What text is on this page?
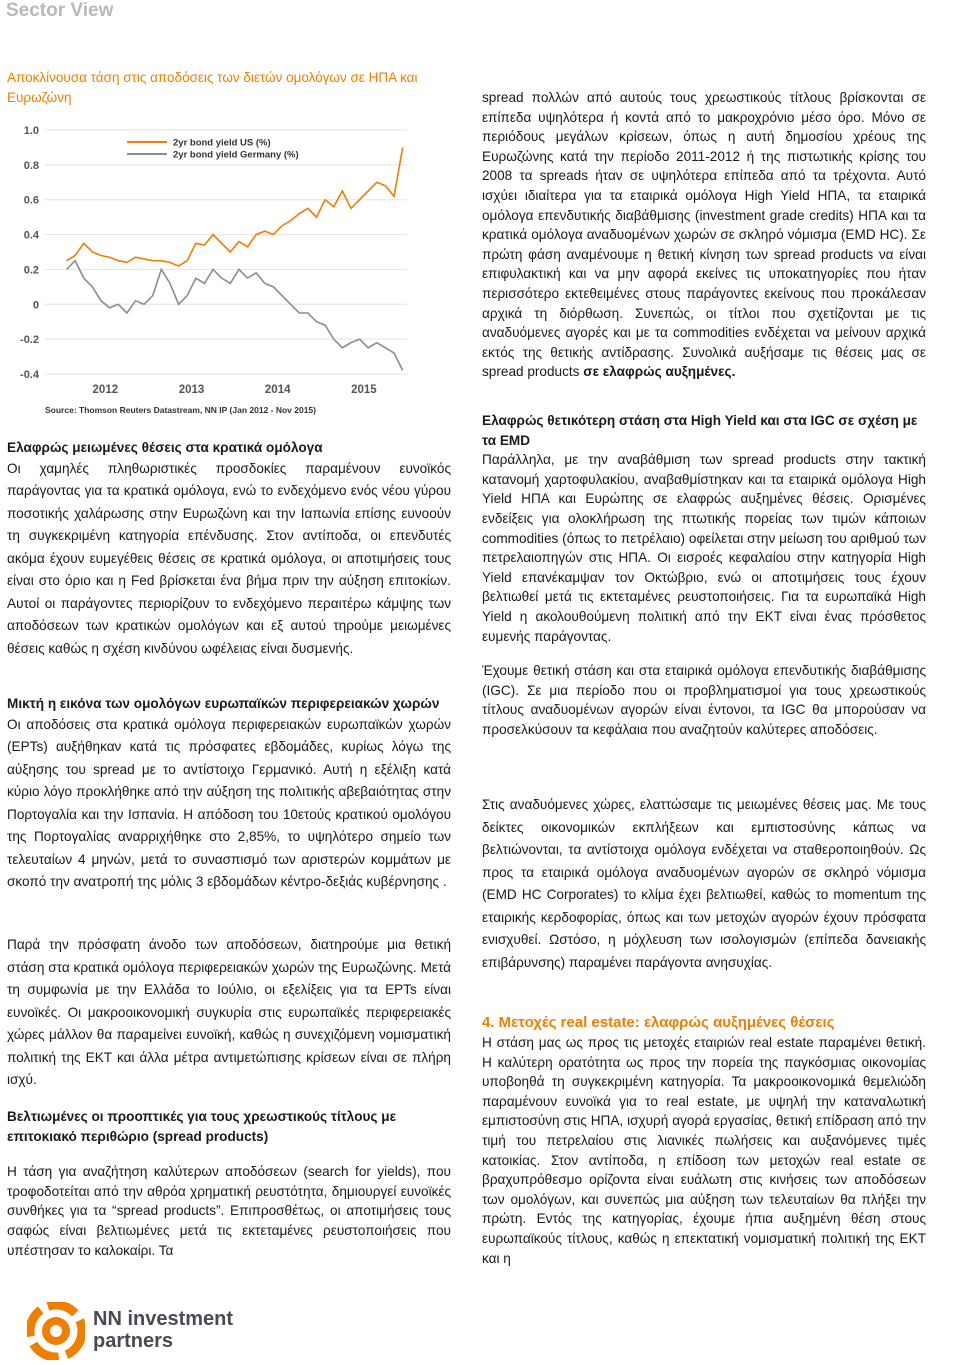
Sector View
Αποκλίνουσα τάση στις αποδόσεις των διετών ομολόγων σε ΗΠΑ και Ευρωζώνη
1.0
0.8
0.6
0.4
0.2
0
-0.2
-0.4
2012	2013	2014	2015
2yr bond yield US (%)
2yr bond yield Germany (%)
Source: Thomson Reuters Datastream, NN IP (Jan 2012 - Nov 2015)

Ελαφρώς μειωμένες θέσεις στα κρατικά ομόλογα

Οι χαμηλές πληθωριστικές προσδοκίες παραμένουν ευνοϊκός παράγοντας για τα κρατικά ομόλογα, ενώ το ενδεχόμενο ενός νέου γύρου ποσοτικής χαλάρωσης στην Ευρωζώνη και την Ιαπωνία επίσης ευνοούν τη συγκεκριμένη κατηγορία επένδυσης. Στον αντίποδα, οι επενδυτές ακόμα έχουν ευμεγέθεις θέσεις σε κρατικά ομόλογα, οι αποτιμήσεις τους είναι στο όριο και η Fed βρίσκεται ένα βήμα πριν την αύξηση επιτοκίων. Αυτοί οι παράγοντες περιορίζουν το ενδεχόμενο περαιτέρω κάμψης των αποδόσεων των κρατικών ομολόγων και εξ αυτού τηρούμε μειωμένες θέσεις καθώς η σχέση κινδύνου ωφέλειας είναι δυσμενής.

Μικτή η εικόνα των ομολόγων ευρωπαϊκών περιφερειακών χωρών

Οι αποδόσεις στα κρατικά ομόλογα περιφερειακών ευρωπαϊκών χωρών (EPTs) αυξήθηκαν κατά τις πρόσφατες εβδομάδες, κυρίως λόγω της αύξησης του spread με το αντίστοιχο Γερμανικό. Αυτή η εξέλιξη κατά κύριο λόγο προκλήθηκε από την αύξηση της πολιτικής αβεβαιότητας στην Πορτογαλία και την Ισπανία. Η απόδοση του 10ετούς κρατικού ομολόγου της Πορτογαλίας αναρριχήθηκε στο 2,85%, το υψηλότερο σημείο των τελευταίων 4 μηνών, μετά το συνασπισμό των αριστερών κομμάτων με σκοπό την ανατροπή της μόλις 3 εβδομάδων κέντρο-δεξιάς κυβέρνησης .

Παρά την πρόσφατη άνοδο των αποδόσεων, διατηρούμε μια θετική στάση στα κρατικά ομόλογα περιφερειακών χωρών της Ευρωζώνης. Μετά τη συμφωνία με την Ελλάδα το Ιούλιο, οι εξελίξεις για τα EPTs είναι ευνοϊκές. Οι μακροοικονομική συγκυρία στις ευρωπαϊκές περιφερειακές χώρες μάλλον θα παραμείνει ευνοϊκή, καθώς η συνεχιζόμενη νομισματική πολιτική της ΕΚΤ και άλλα μέτρα αντιμετώπισης κρίσεων είναι σε πλήρη ισχύ.

Βελτιωμένες οι προοπτικές για τους χρεωστικούς τίτλους με επιτοκιακό περιθώριο (spread products)

Η τάση για αναζήτηση καλύτερων αποδόσεων (search for yields), που τροφοδοτείται από την αθρόα χρηματική ρευστότητα, δημιουργεί ευνοϊκές συνθήκες για τα “spread products”. Επιπροσθέτως, οι αποτιμήσεις τους σαφώς είναι βελτιωμένες μετά τις εκτεταμένες ρευστοποιήσεις που υπέστησαν το καλοκαίρι. Τα

spread πολλών από αυτούς τους χρεωστικούς τίτλους βρίσκονται σε επίπεδα υψηλότερα ή κοντά από το μακροχρόνιο μέσο όρο. Μόνο σε περιόδους μεγάλων κρίσεων, όπως η αυτή δημοσίου χρέους της Ευρωζώνης κατά την περίοδο 2011-2012 ή της πιστωτικής κρίσης του 2008 τα spreads ήταν σε υψηλότερα επίπεδα από τα τρέχοντα. Αυτό ισχύει ιδιαίτερα για τα εταιρικά ομόλογα High Yield ΗΠΑ, τα εταιρικά ομόλογα επενδυτικής διαβάθμισης (investment grade credits) ΗΠΑ και τα κρατικά ομόλογα αναδυομένων χωρών σε σκληρό νόμισμα (EMD HC). Σε πρώτη φάση αναμένουμε η θετική κίνηση των spread products να είναι επιφυλακτική και να μην αφορά εκείνες τις υποκατηγορίες που ήταν περισσότερο εκτεθειμένες στους παράγοντες εκείνους που προκάλεσαν αρχικά τη διόρθωση. Συνεπώς, οι τίτλοι που σχετίζονται με τις αναδυόμενες αγορές και με τα commodities ενδέχεται να μείνουν αρχικά εκτός της θετικής αντίδρασης. Συνολικά αυξήσαμε τις θέσεις μας σε spread products σε ελαφρώς αυξημένες.

Ελαφρώς θετικότερη στάση στα High Yield και στα IGC σε σχέση με τα EMD

Παράλληλα, με την αναβάθμιση των spread products στην τακτική κατανομή χαρτοφυλακίου, αναβαθμίστηκαν και τα εταιρικά ομόλογα High Yield ΗΠΑ και Ευρώπης σε ελαφρώς αυξημένες θέσεις. Ορισμένες ενδείξεις για ολοκλήρωση της πτωτικής πορείας των τιμών κάποιων commodities (όπως το πετρέλαιο) οφείλεται στην μείωση του αριθμού των πετρελαιοπηγών στις ΗΠΑ. Οι εισροές κεφαλαίου στην κατηγορία High Yield επανέκαμψαν τον Οκτώβριο, ενώ οι αποτιμήσεις τους έχουν βελτιωθεί μετά τις εκτεταμένες ρευστοποιήσεις. Για τα ευρωπαϊκά High Yield η ακολουθούμενη πολιτική από την ΕΚΤ είναι ένας πρόσθετος ευμενής παράγοντας.

Έχουμε θετική στάση και στα εταιρικά ομόλογα επενδυτικής διαβάθμισης (IGC). Σε μια περίοδο που οι προβληματισμοί για τους χρεωστικούς τίτλους αναδυομένων αγορών είναι έντονοι, τα IGC θα μπορούσαν να προσελκύσουν τα κεφάλαια που αναζητούν καλύτερες αποδόσεις.

Στις αναδυόμενες χώρες, ελαττώσαμε τις μειωμένες θέσεις μας. Με τους δείκτες οικονομικών εκπλήξεων και εμπιστοσύνης κάπως να βελτιώνονται, τα αντίστοιχα ομόλογα ενδέχεται να σταθεροποιηθούν. Ως προς τα εταιρικά ομόλογα αναδυομένων αγορών σε σκληρό νόμισμα (EMD HC Corporates) το κλίμα έχει βελτιωθεί, καθώς το momentum της εταιρικής κερδοφορίας, όπως και των μετοχών αγορών έχουν πρόσφατα ενισχυθεί. Ωστόσο, η μόχλευση των ισολογισμών (επίπεδα δανειακής επιβάρυνσης) παραμένει παράγοντα ανησυχίας.

4. Μετοχές real estate: ελαφρώς αυξημένες θέσεις

Η στάση μας ως προς τις μετοχές εταιριών real estate παραμένει θετική. Η καλύτερη ορατότητα ως προς την πορεία της παγκόσμιας οικονομίας υποβοηθά τη συγκεκριμένη κατηγορία. Τα μακροοικονομικά θεμελιώδη παραμένουν ευνοϊκά για το real estate, με υψηλή την καταναλωτική εμπιστοσύνη στις ΗΠΑ, ισχυρή αγορά εργασίας, θετική επίδραση από την τιμή του πετρελαίου στις λιανικές πωλήσεις και αυξανόμενες τιμές κατοικίας. Στον αντίποδα, η επίδοση των μετοχών real estate σε βραχυπρόθεσμο ορίζοντα είναι ευάλωτη στις κινήσεις των αποδόσεων των ομολόγων, και συνεπώς μια αύξηση των τελευταίων θα πλήξει την πρώτη. Εντός της κατηγορίας, έχουμε ήπια αυξημένη θέση στους ευρωπαϊκούς τίτλους, καθώς η επεκτατική νομισματική πολιτική της ΕΚΤ και η

NN investment
partners
